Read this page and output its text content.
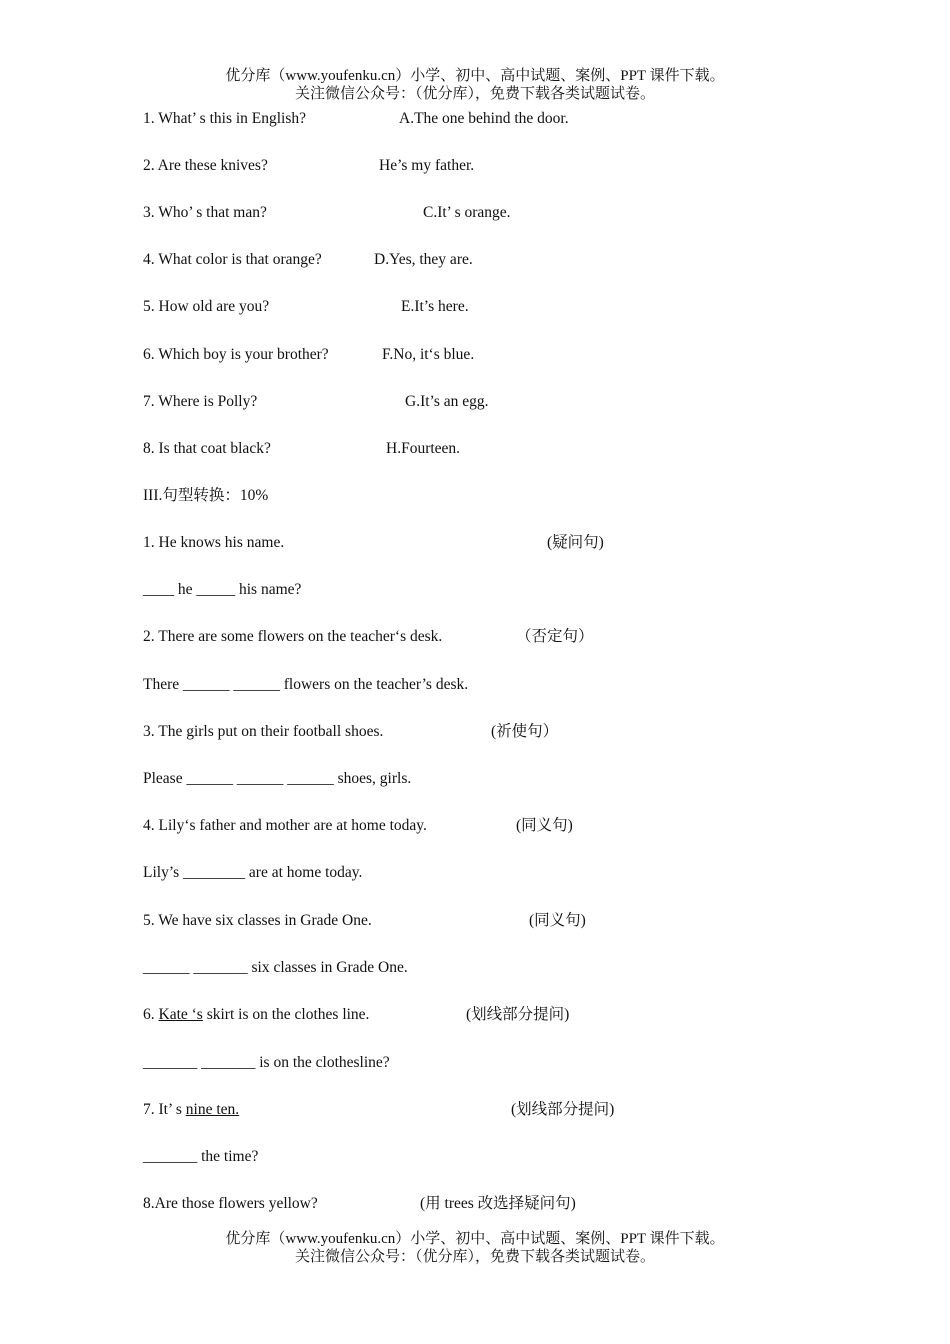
优分库（www.youfenku.cn）小学、初中、高中试题、案例、PPT 课件下载。
关注微信公众号：（优分库），免费下载各类试题试卷。
1. What’ s this in English?	A.The one behind the door.
2. Are these knives?	He’s my father.
3. Who’ s that man?	C.It’ s orange.
4. What color is that orange?	D.Yes, they are.
5. How old are you?	E.It’s here.
6. Which boy is your brother?	F.No, it‘s blue.
7. Where is Polly?	G.It’s an egg.
8. Is that coat black?	H.Fourteen.
III.句型转换：10%
1. He knows his name.	(疑问句)
____ he _____ his name?
2. There are some flowers on the teacher‘s desk.	（否定句）
There ______ ______ flowers on the teacher’s desk.
3. The girls put on their football shoes.	(祈使句）
Please ______ ______ ______ shoes, girls.
4. Lily‘s father and mother are at home today.	(同义句)
Lily’s ________ are at home today.
5. We have six classes in Grade One.	(同义句)
______ _______ six classes in Grade One.
6. Kate ‘s skirt is on the clothes line.	(划线部分提问)
_______ _______ is on the clothesline?
7. It’ s nine ten.	(划线部分提问)
_______ the time?
8.Are those flowers yellow?	(用 trees 改选择疑问句)
优分库（www.youfenku.cn）小学、初中、高中试题、案例、PPT 课件下载。
关注微信公众号：（优分库），免费下载各类试题试卷。
